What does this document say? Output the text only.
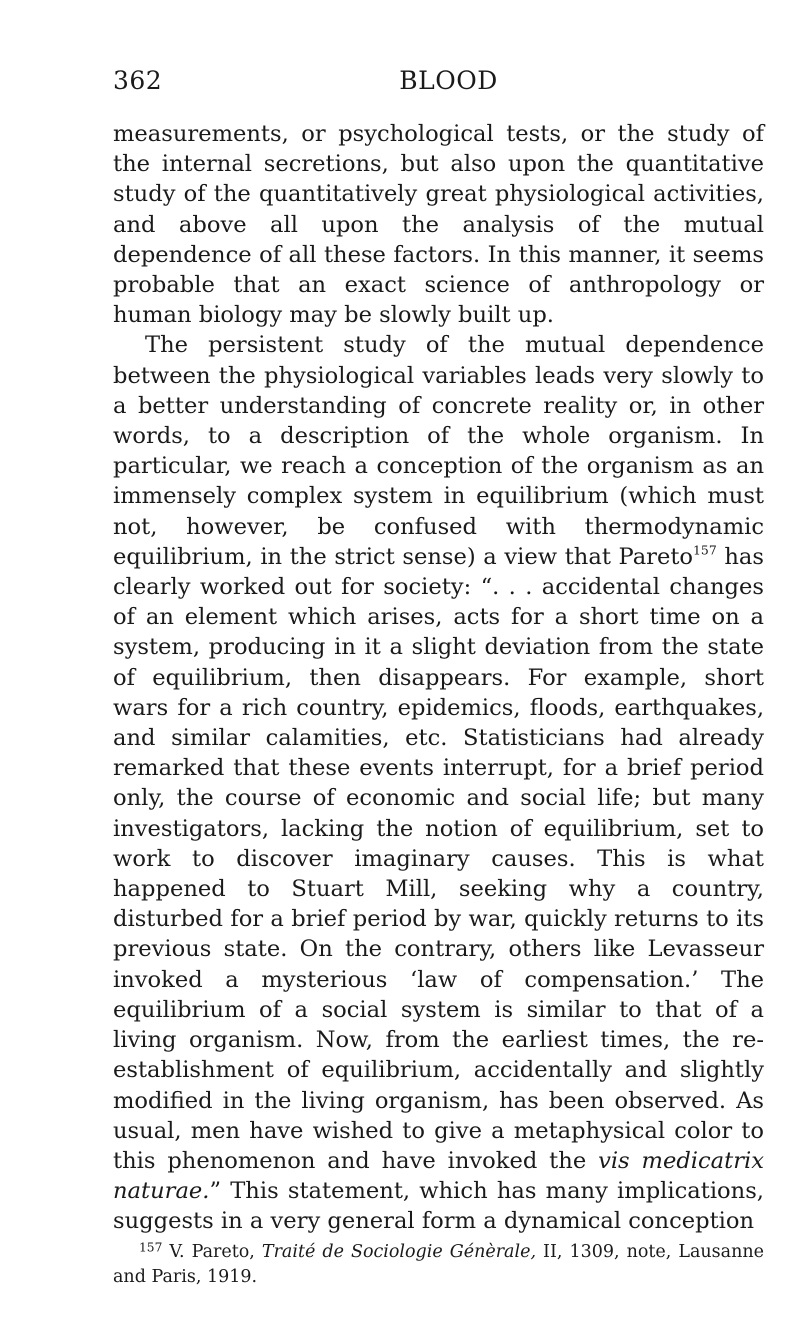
362	BLOOD

measurements, or psychological tests, or the study of the internal secretions, but also upon the quantitative study of the quantitatively great physiological activities, and above all upon the analysis of the mutual dependence of all these factors. In this manner, it seems probable that an exact science of anthropology or human biology may be slowly built up.

The persistent study of the mutual dependence between the physiological variables leads very slowly to a better understanding of concrete reality or, in other words, to a description of the whole organism. In particular, we reach a conception of the organism as an immensely complex system in equilibrium (which must not, however, be confused with thermodynamic equilibrium, in the strict sense) a view that Pareto$^{157}$ has clearly worked out for society: “. . . accidental changes of an element which arises, acts for a short time on a system, producing in it a slight deviation from the state of equilibrium, then disappears. For example, short wars for a rich country, epidemics, floods, earthquakes, and similar calamities, etc. Statisticians had already remarked that these events interrupt, for a brief period only, the course of economic and social life; but many investigators, lacking the notion of equilibrium, set to work to discover imaginary causes. This is what happened to Stuart Mill, seeking why a country, disturbed for a brief period by war, quickly returns to its previous state. On the contrary, others like Levasseur invoked a mysterious ‘law of compensation.’ The equilibrium of a social system is similar to that of a living organism. Now, from the earliest times, the reestablishment of equilibrium, accidentally and slightly modified in the living organism, has been observed. As usual, men have wished to give a metaphysical color to this phenomenon and have invoked the vis medicatrix naturae.” This statement, which has many implications, suggests in a very general form a dynamical conception

$^{157}$ V. Pareto, Traité de Sociologie Génèrale, II, 1309, note, Lausanne and Paris, 1919.
